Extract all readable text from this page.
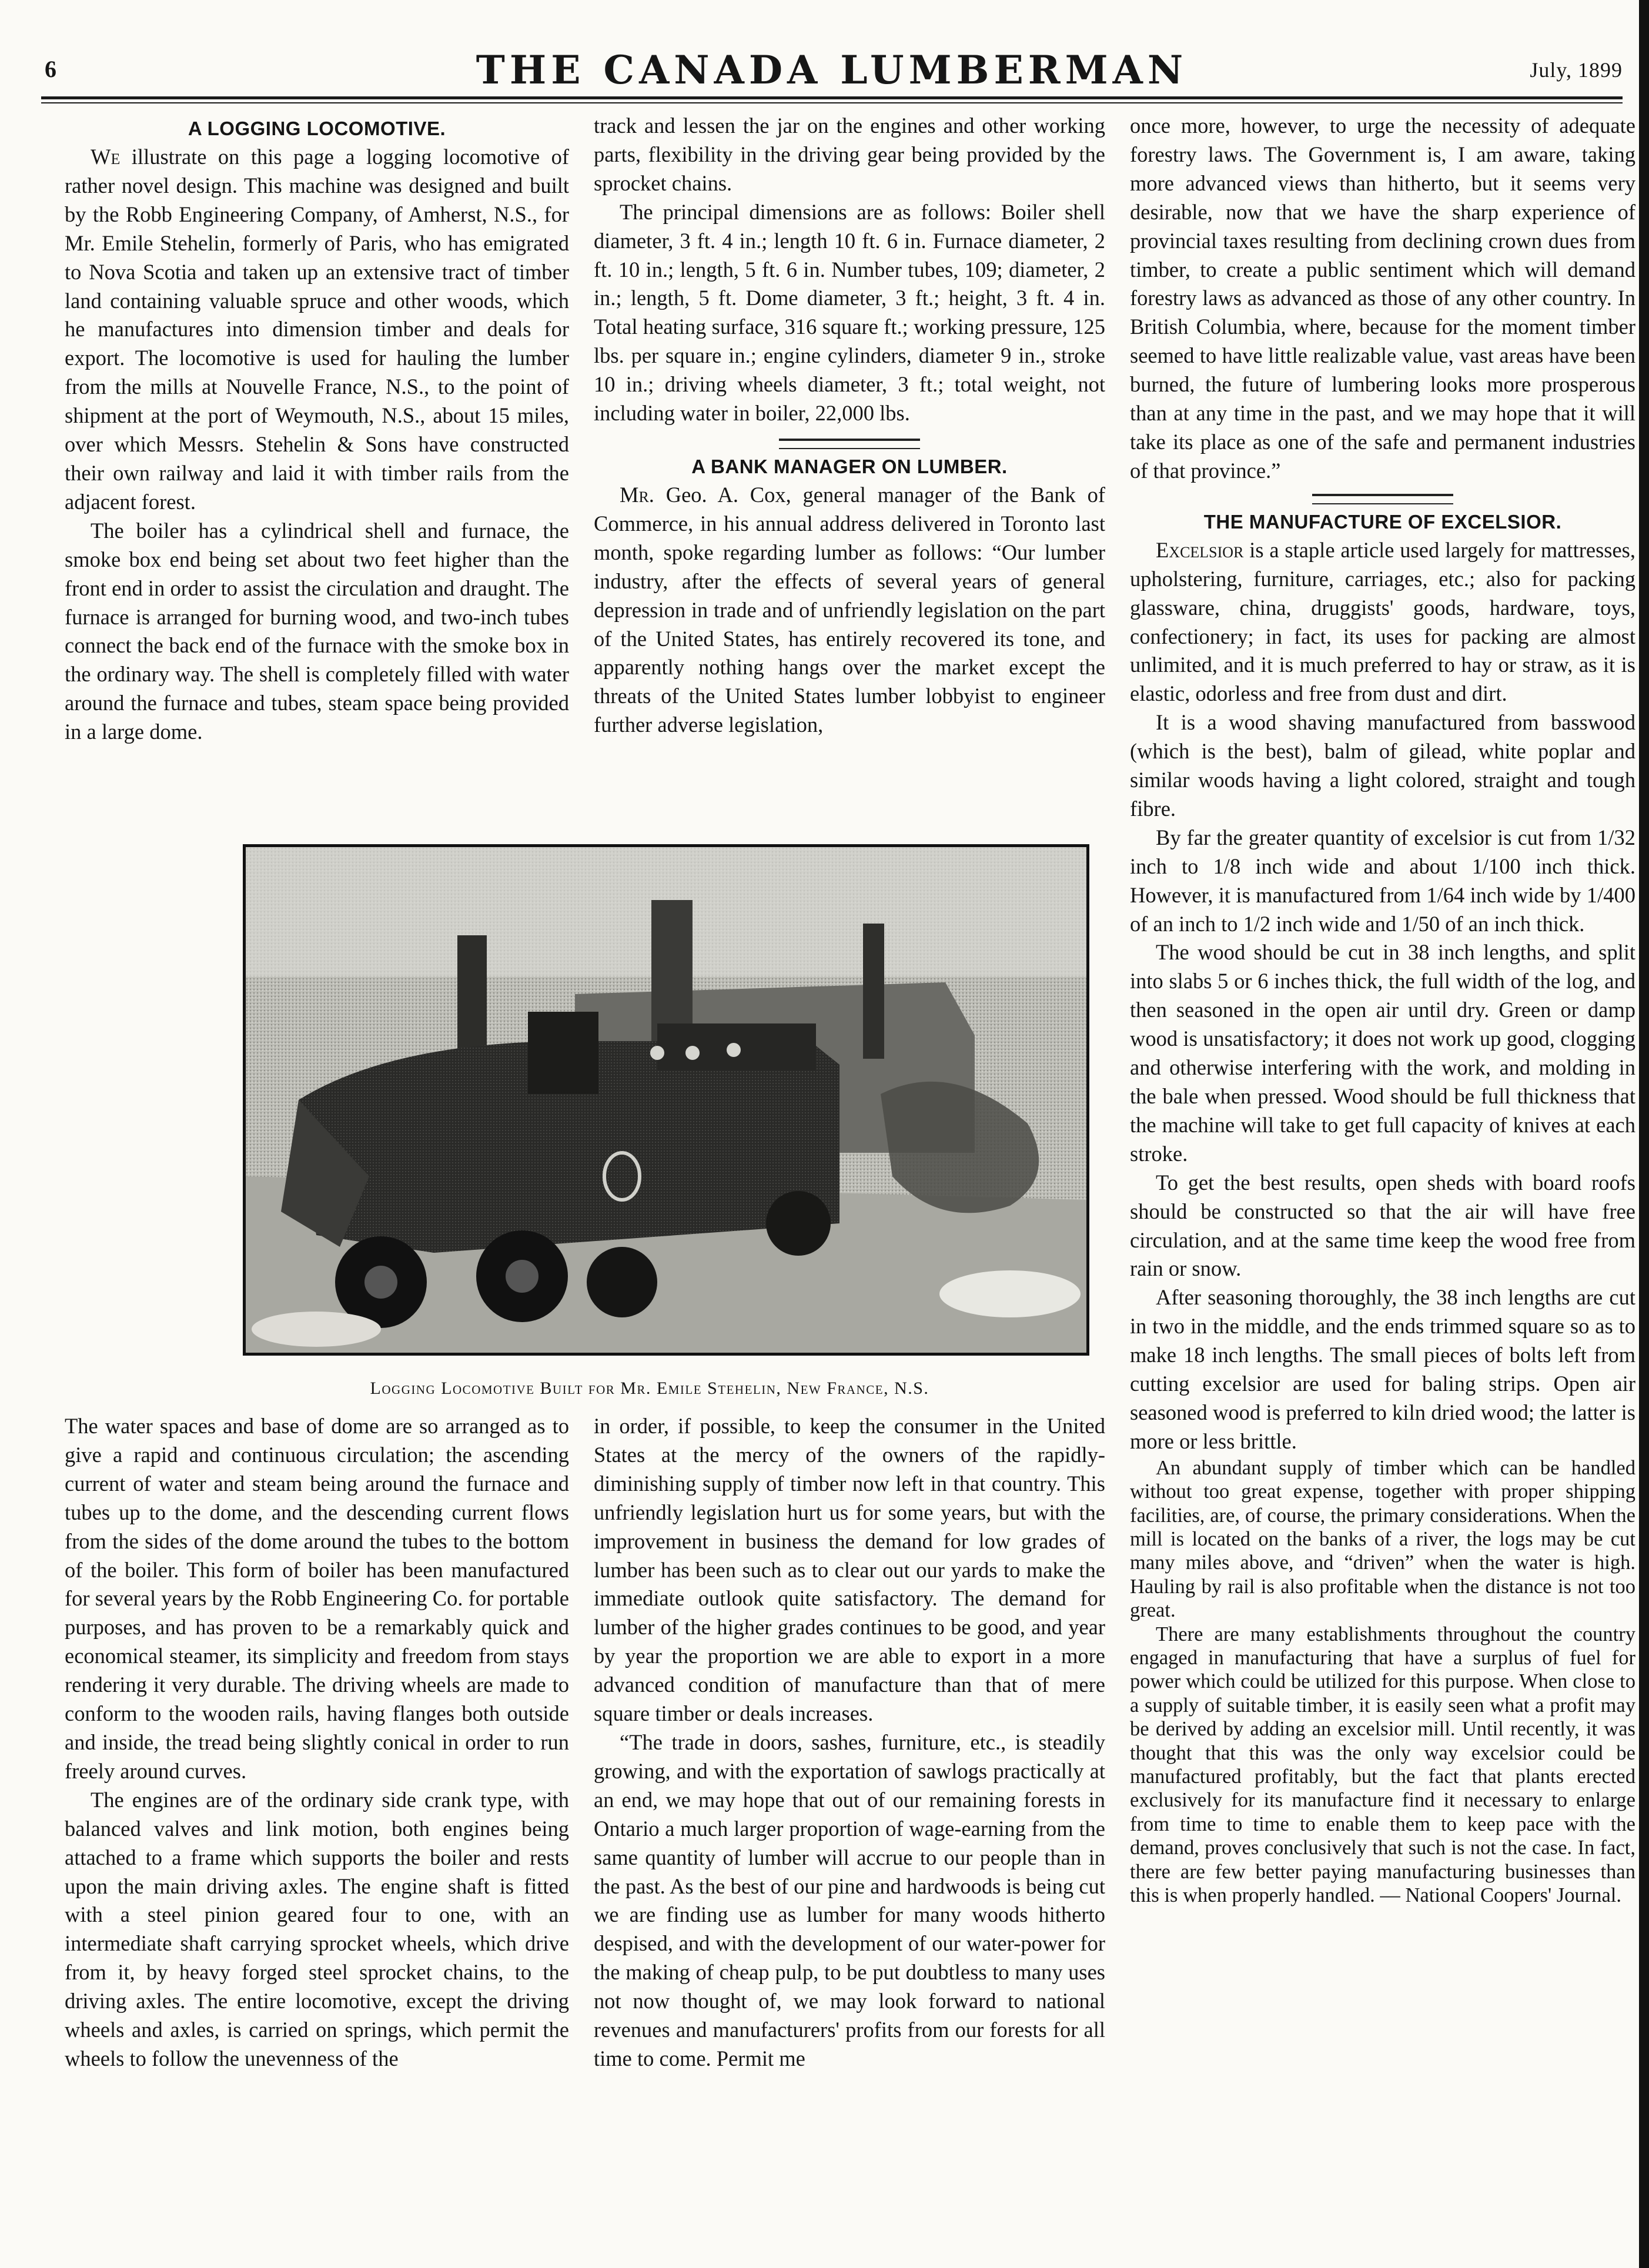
6	THE CANADA LUMBERMAN	July, 1899
A LOGGING LOCOMOTIVE.

We illustrate on this page a logging locomotive of rather novel design. This machine was designed and built by the Robb Engineering Company, of Amherst, N.S., for Mr. Emile Stehelin, formerly of Paris, who has emigrated to Nova Scotia and taken up an extensive tract of timber land containing valuable spruce and other woods, which he manufactures into dimension timber and deals for export. The locomotive is used for hauling the lumber from the mills at Nouvelle France, N.S., to the point of shipment at the port of Weymouth, N.S., about 15 miles, over which Messrs. Stehelin & Sons have constructed their own railway and laid it with timber rails from the adjacent forest.

The boiler has a cylindrical shell and furnace, the smoke box end being set about two feet higher than the front end in order to assist the circulation and draught. The furnace is arranged for burning wood, and two-inch tubes connect the back end of the furnace with the smoke box in the ordinary way. The shell is completely filled with water around the furnace and tubes, steam space being provided in a large dome.

track and lessen the jar on the engines and other working parts, flexibility in the driving gear being provided by the sprocket chains.

The principal dimensions are as follows: Boiler shell diameter, 3 ft. 4 in.; length 10 ft. 6 in. Furnace diameter, 2 ft. 10 in.; length, 5 ft. 6 in. Number tubes, 109; diameter, 2 in.; length, 5 ft. Dome diameter, 3 ft.; height, 3 ft. 4 in. Total heating surface, 316 square ft.; working pressure, 125 lbs. per square in.; engine cylinders, diameter 9 in., stroke 10 in.; driving wheels diameter, 3 ft.; total weight, not including water in boiler, 22,000 lbs.

A BANK MANAGER ON LUMBER.

Mr. Geo. A. Cox, general manager of the Bank of Commerce, in his annual address delivered in Toronto last month, spoke regarding lumber as follows: “Our lumber industry, after the effects of several years of general depression in trade and of unfriendly legislation on the part of the United States, has entirely recovered its tone, and apparently nothing hangs over the market except the threats of the United States lumber lobbyist to engineer further adverse legislation,

once more, however, to urge the necessity of adequate forestry laws. The Government is, I am aware, taking more advanced views than hitherto, but it seems very desirable, now that we have the sharp experience of provincial taxes resulting from declining crown dues from timber, to create a public sentiment which will demand forestry laws as advanced as those of any other country. In British Columbia, where, because for the moment timber seemed to have little realizable value, vast areas have been burned, the future of lumbering looks more prosperous than at any time in the past, and we may hope that it will take its place as one of the safe and permanent industries of that province.”

THE MANUFACTURE OF EXCELSIOR.

Excelsior is a staple article used largely for mattresses, upholstering, furniture, carriages, etc.; also for packing glassware, china, druggists' goods, hardware, toys, confectionery; in fact, its uses for packing are almost unlimited, and it is much preferred to hay or straw, as it is elastic, odorless and free from dust and dirt.

It is a wood shaving manufactured from basswood (which is the best), balm of gilead, white poplar and similar woods having a light colored, straight and tough fibre.

By far the greater quantity of excelsior is cut from 1/32 inch to 1/8 inch wide and about 1/100 inch thick. However, it is manufactured from 1/64 inch wide by 1/400 of an inch to 1/2 inch wide and 1/50 of an inch thick.

The wood should be cut in 38 inch lengths, and split into slabs 5 or 6 inches thick, the full width of the log, and then seasoned in the open air until dry. Green or damp wood is unsatisfactory; it does not work up good, clogging and otherwise interfering with the work, and molding in the bale when pressed. Wood should be full thickness that the machine will take to get full capacity of knives at each stroke.

To get the best results, open sheds with board roofs should be constructed so that the air will have free circulation, and at the same time keep the wood free from rain or snow.

After seasoning thoroughly, the 38 inch lengths are cut in two in the middle, and the ends trimmed square so as to make 18 inch lengths. The small pieces of bolts left from cutting excelsior are used for baling strips. Open air seasoned wood is preferred to kiln dried wood; the latter is more or less brittle.

An abundant supply of timber which can be handled without too great expense, together with proper shipping facilities, are, of course, the primary considerations. When the mill is located on the banks of a river, the logs may be cut many miles above, and “driven” when the water is high. Hauling by rail is also profitable when the distance is not too great.

There are many establishments throughout the country engaged in manufacturing that have a surplus of fuel for power which could be utilized for this purpose. When close to a supply of suitable timber, it is easily seen what a profit may be derived by adding an excelsior mill. Until recently, it was thought that this was the only way excelsior could be manufactured profitably, but the fact that plants erected exclusively for its manufacture find it necessary to enlarge from time to time to enable them to keep pace with the demand, proves conclusively that such is not the case. In fact, there are few better paying manufacturing businesses than this is when properly handled. — National Coopers' Journal.

Logging Locomotive Built for Mr. Emile Stehelin, New France, N.S.

The water spaces and base of dome are so arranged as to give a rapid and continuous circulation; the ascending current of water and steam being around the furnace and tubes up to the dome, and the descending current flows from the sides of the dome around the tubes to the bottom of the boiler. This form of boiler has been manufactured for several years by the Robb Engineering Co. for portable purposes, and has proven to be a remarkably quick and economical steamer, its simplicity and freedom from stays rendering it very durable. The driving wheels are made to conform to the wooden rails, having flanges both outside and inside, the tread being slightly conical in order to run freely around curves.

The engines are of the ordinary side crank type, with balanced valves and link motion, both engines being attached to a frame which supports the boiler and rests upon the main driving axles. The engine shaft is fitted with a steel pinion geared four to one, with an intermediate shaft carrying sprocket wheels, which drive from it, by heavy forged steel sprocket chains, to the driving axles. The entire locomotive, except the driving wheels and axles, is carried on springs, which permit the wheels to follow the unevenness of the

in order, if possible, to keep the consumer in the United States at the mercy of the owners of the rapidly-diminishing supply of timber now left in that country. This unfriendly legislation hurt us for some years, but with the improvement in business the demand for low grades of lumber has been such as to clear out our yards to make the immediate outlook quite satisfactory. The demand for lumber of the higher grades continues to be good, and year by year the proportion we are able to export in a more advanced condition of manufacture than that of mere square timber or deals increases.

“The trade in doors, sashes, furniture, etc., is steadily growing, and with the exportation of sawlogs practically at an end, we may hope that out of our remaining forests in Ontario a much larger proportion of wage-earning from the same quantity of lumber will accrue to our people than in the past. As the best of our pine and hardwoods is being cut we are finding use as lumber for many woods hitherto despised, and with the development of our water-power for the making of cheap pulp, to be put doubtless to many uses not now thought of, we may look forward to national revenues and manufacturers' profits from our forests for all time to come. Permit me
